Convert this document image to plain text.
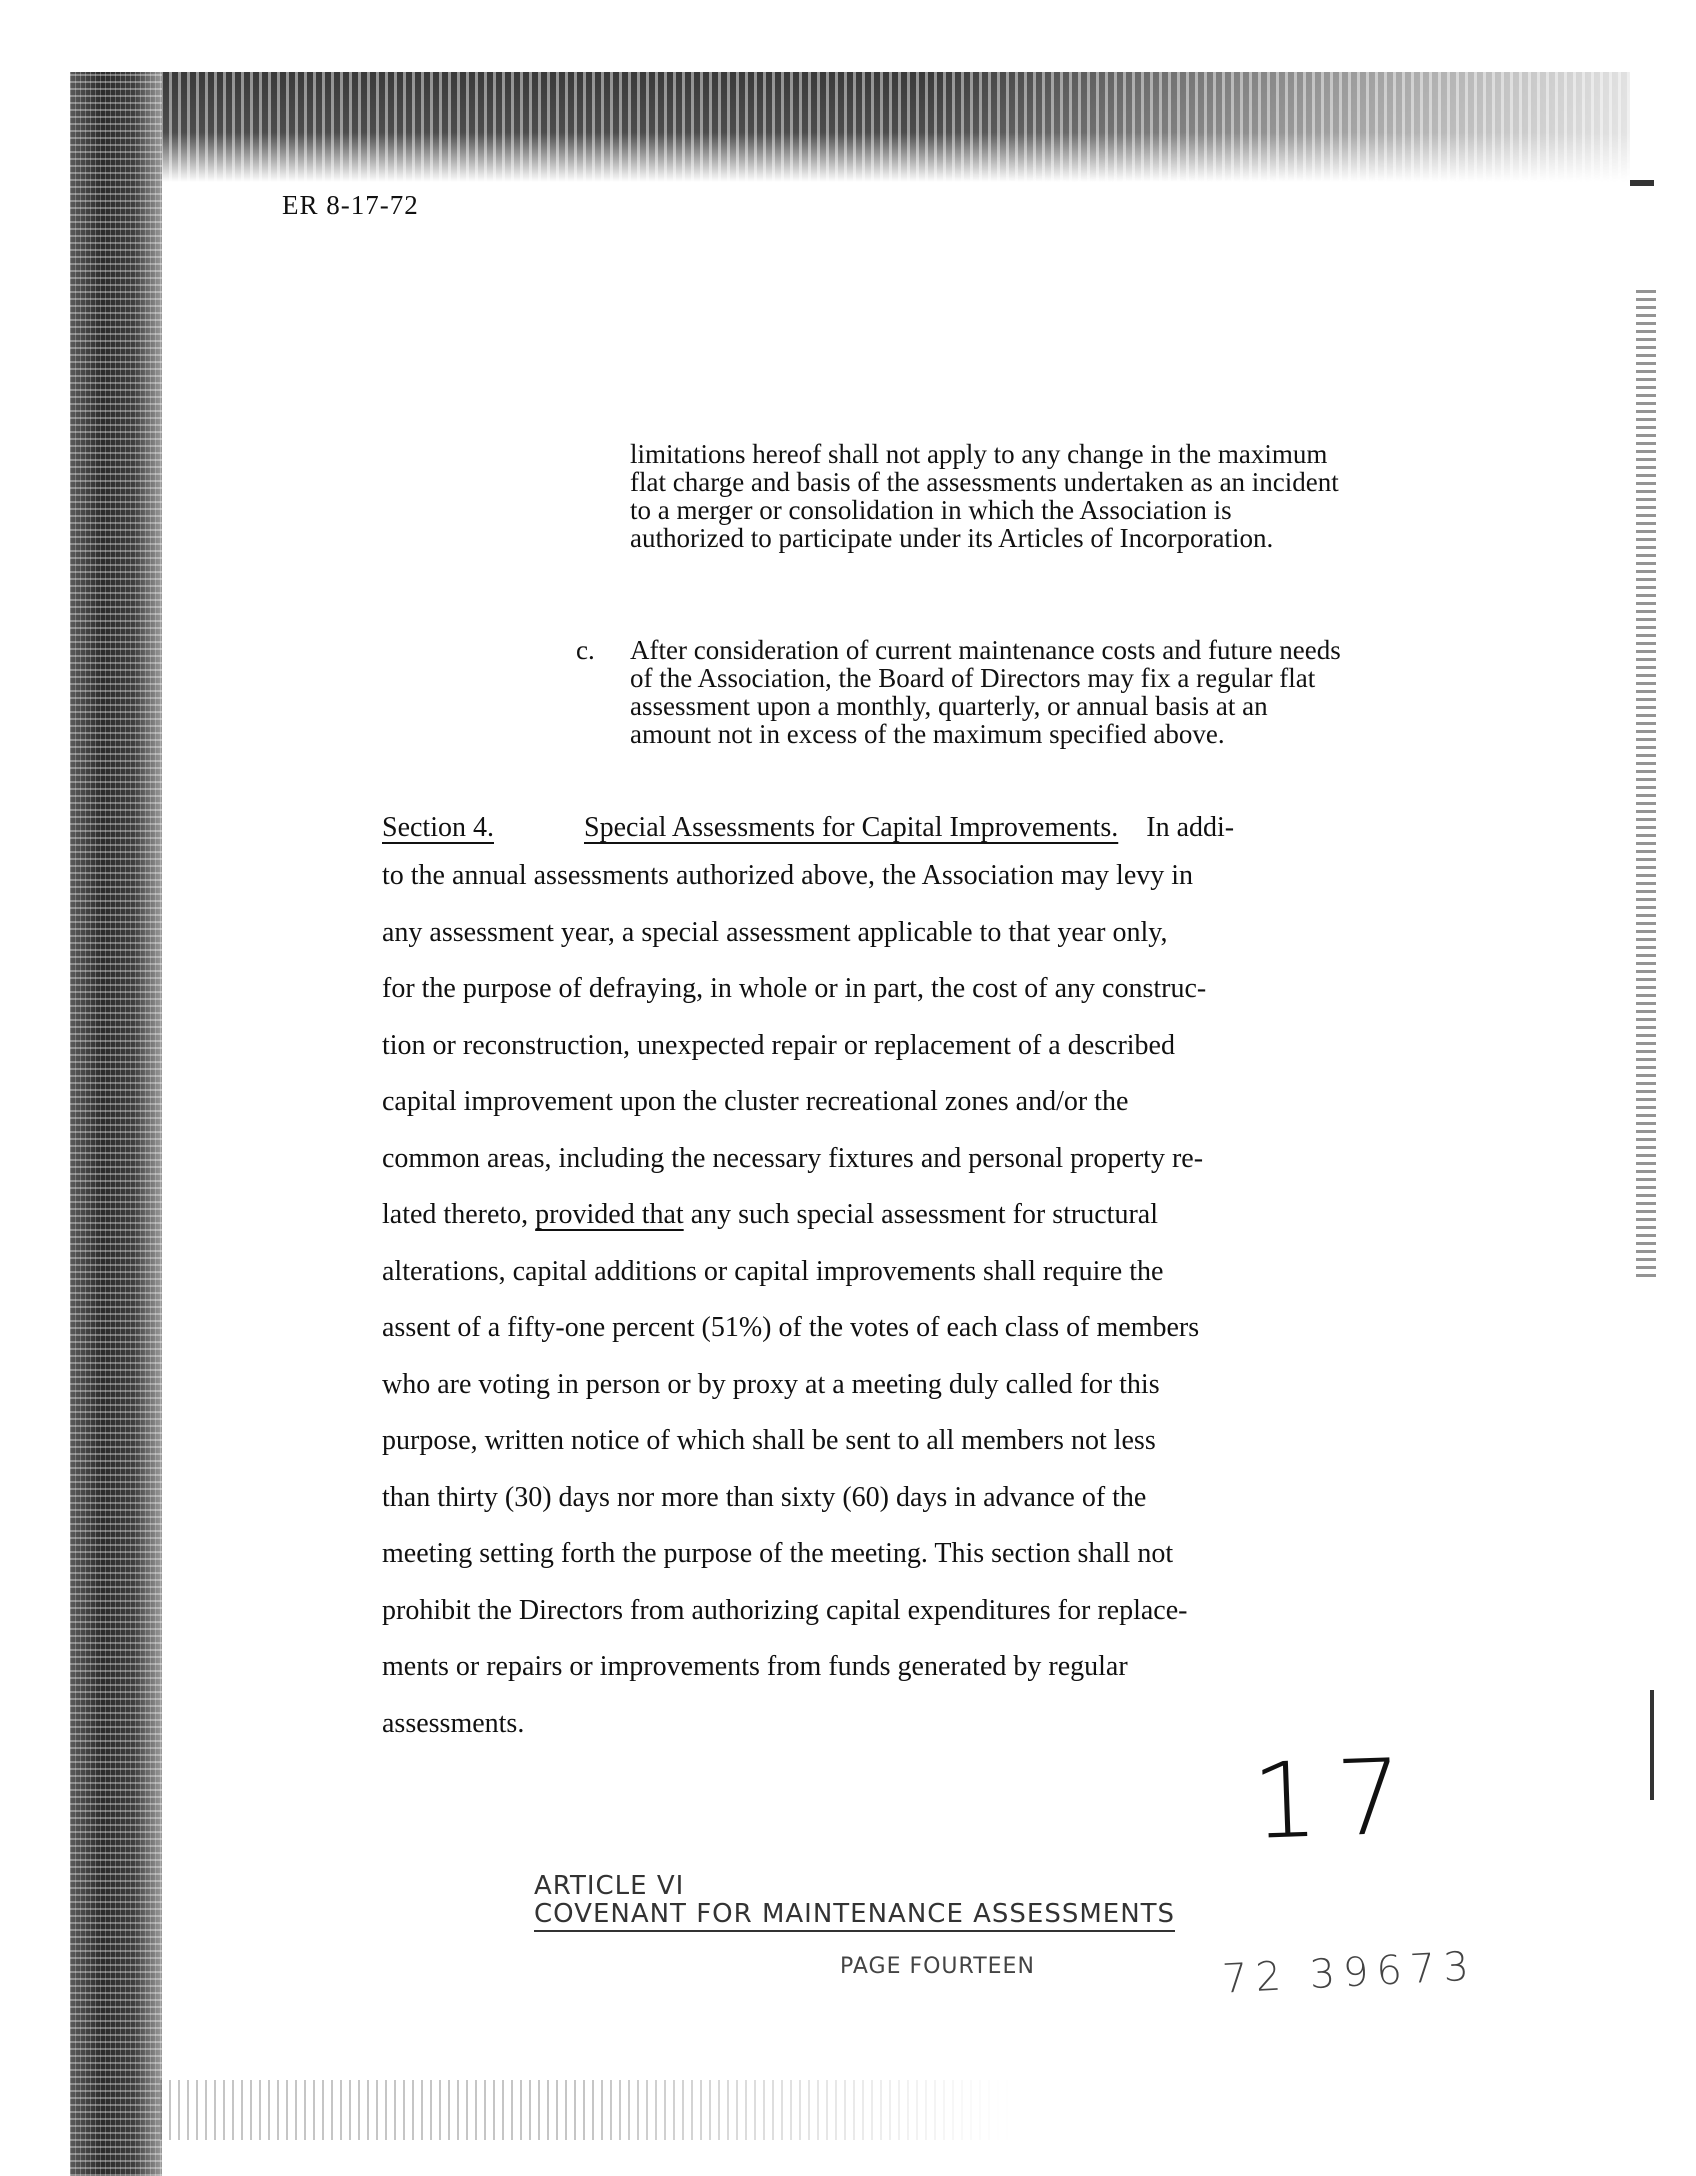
ER 8-17-72

limitations hereof shall not apply to any change in the maximum flat charge and basis of the assessments undertaken as an incident to a merger or consolidation in which the Association is authorized to participate under its Articles of Incorporation.

c. After consideration of current maintenance costs and future needs of the Association, the Board of Directors may fix a regular flat assessment upon a monthly, quarterly, or annual basis at an amount not in excess of the maximum specified above.

Section 4.	Special Assessments for Capital Improvements. In addi-
to the annual assessments authorized above, the Association may levy in
any assessment year, a special assessment applicable to that year only,
for the purpose of defraying, in whole or in part, the cost of any construc-
tion or reconstruction, unexpected repair or replacement of a described
capital improvement upon the cluster recreational zones and/or the
common areas, including the necessary fixtures and personal property re-
lated thereto, provided that any such special assessment for structural
alterations, capital additions or capital improvements shall require the
assent of a fifty-one percent (51%) of the votes of each class of members
who are voting in person or by proxy at a meeting duly called for this
purpose, written notice of which shall be sent to all members not less
than thirty (30) days nor more than sixty (60) days in advance of the
meeting setting forth the purpose of the meeting. This section shall not
prohibit the Directors from authorizing capital expenditures for replace-
ments or repairs or improvements from funds generated by regular
assessments.
17
ARTICLE VI
COVENANT FOR MAINTENANCE ASSESSMENTS
PAGE FOURTEEN	72 39673
